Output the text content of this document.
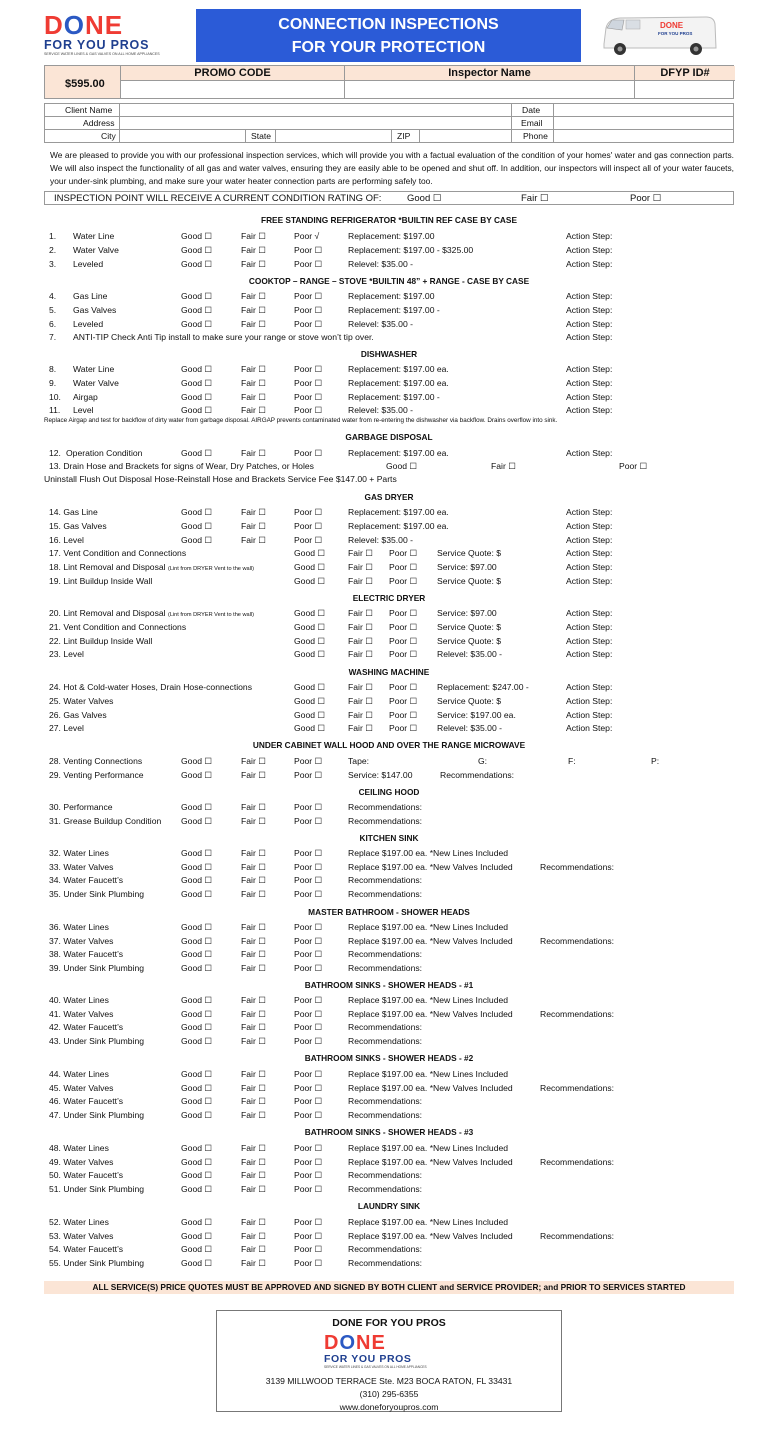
DONE
FOR YOU PROS
SERVICE WATER LINES & GAS VALVES ON ALL HOME APPLIANCES
CONNECTION INSPECTIONS
FOR YOUR PROTECTION
DONE
FOR YOU PROS
$595.00
PROMO CODE	Inspector Name	DFYP ID#
Client Name	Date
Address	Email
City	State	ZIP	Phone
We are pleased to provide you with our professional inspection services, which will provide you with a factual evaluation of the condition of your homes' water and gas connection parts. We will also inspect the functionality of all gas and water valves, ensuring they are easily able to be opened and shut off. In addition, our inspectors will inspect all of your water faucets, your under-sink plumbing, and make sure your water heater connection parts are performing safely too.
INSPECTION POINT WILL RECEIVE A CURRENT CONDITION RATING OF:	Good ☐	Fair ☐	Poor ☐
FREE STANDING REFRIGERATOR *BUILTIN REF CASE BY CASE
1. Water Line	Good ☐	Fair ☐	Poor √	Replacement: $197.00	Action Step:
2. Water Valve	Good ☐	Fair ☐	Poor ☐	Replacement: $197.00 - $325.00	Action Step:
3. Leveled	Good ☐	Fair ☐	Poor ☐	Relevel: $35.00 -	Action Step:
COOKTOP – RANGE – STOVE *BUILTIN 48” + RANGE - CASE BY CASE
4. Gas Line	Good ☐	Fair ☐	Poor ☐	Replacement: $197.00	Action Step:
5. Gas Valves	Good ☐	Fair ☐	Poor ☐	Replacement: $197.00 -	Action Step:
6. Leveled	Good ☐	Fair ☐	Poor ☐	Relevel: $35.00 -	Action Step:
7. ANTI-TIP Check Anti Tip install to make sure your range or stove won’t tip over.	Action Step:
DISHWASHER
8. Water Line	Good ☐	Fair ☐	Poor ☐	Replacement: $197.00 ea.	Action Step:
9. Water Valve	Good ☐	Fair ☐	Poor ☐	Replacement: $197.00 ea.	Action Step:
10. Airgap	Good ☐	Fair ☐	Poor ☐	Replacement: $197.00 -	Action Step:
11. Level	Good ☐	Fair ☐	Poor ☐	Relevel: $35.00 -	Action Step:
Replace Airgap and test for backflow of dirty water from garbage disposal. AIRGAP prevents contaminated water from re-entering the dishwasher via backflow. Drains overflow into sink.
GARBAGE DISPOSAL
12. Operation Condition	Good ☐	Fair ☐	Poor ☐	Replacement: $197.00 ea.	Action Step:
13. Drain Hose and Brackets for signs of Wear, Dry Patches, or Holes	Good ☐	Fair ☐	Poor ☐
Uninstall Flush Out Disposal Hose-Reinstall Hose and Brackets Service Fee $147.00 + Parts
GAS DRYER
14. Gas Line	Good ☐	Fair ☐	Poor ☐	Replacement: $197.00 ea.	Action Step:
15. Gas Valves	Good ☐	Fair ☐	Poor ☐	Replacement: $197.00 ea.	Action Step:
16. Level	Good ☐	Fair ☐	Poor ☐	Relevel: $35.00 -	Action Step:
17. Vent Condition and Connections	Good ☐	Fair ☐ Poor ☐ Service Quote: $	Action Step:
18. Lint Removal and Disposal (Lint from DRYER Vent to the wall)	Good ☐	Fair ☐ Poor ☐ Service: $97.00	Action Step:
19. Lint Buildup Inside Wall	Good ☐	Fair ☐ Poor ☐ Service Quote: $	Action Step:
ELECTRIC DRYER
20. Lint Removal and Disposal (Lint from DRYER Vent to the wall)	Good ☐	Fair ☐ Poor ☐ Service: $97.00	Action Step:
21. Vent Condition and Connections	Good ☐	Fair ☐ Poor ☐ Service Quote: $	Action Step:
22. Lint Buildup Inside Wall	Good ☐	Fair ☐ Poor ☐ Service Quote: $	Action Step:
23. Level	Good ☐	Fair ☐ Poor ☐ Relevel: $35.00 -	Action Step:
WASHING MACHINE
24. Hot & Cold-water Hoses, Drain Hose-connections	Good ☐	Fair ☐ Poor ☐ Replacement: $247.00 -	Action Step:
25. Water Valves	Good ☐	Fair ☐ Poor ☐ Service Quote: $	Action Step:
26. Gas Valves	Good ☐	Fair ☐ Poor ☐ Service: $197.00 ea.	Action Step:
27. Level	Good ☐	Fair ☐ Poor ☐ Relevel: $35.00 -	Action Step:
UNDER CABINET WALL HOOD AND OVER THE RANGE MICROWAVE
28. Venting Connections	Good ☐	Fair ☐	Poor ☐	Tape:	G:	F:	P:
29. Venting Performance	Good ☐	Fair ☐	Poor ☐	Service: $147.00	Recommendations:
CEILING HOOD
30. Performance	Good ☐	Fair ☐	Poor ☐	Recommendations:
31. Grease Buildup Condition Good ☐	Fair ☐	Poor ☐	Recommendations:
KITCHEN SINK
32. Water Lines	Good ☐	Fair ☐	Poor ☐	Replace $197.00 ea. *New Lines Included
33. Water Valves	Good ☐	Fair ☐	Poor ☐	Replace $197.00 ea. *New Valves Included	Recommendations:
34. Water Faucett’s	Good ☐	Fair ☐	Poor ☐	Recommendations:
35. Under Sink Plumbing	Good ☐	Fair ☐	Poor ☐	Recommendations:
MASTER BATHROOM - SHOWER HEADS
36. Water Lines	Good ☐	Fair ☐	Poor ☐	Replace $197.00 ea. *New Lines Included
37. Water Valves	Good ☐	Fair ☐	Poor ☐	Replace $197.00 ea. *New Valves Included	Recommendations:
38. Water Faucett’s	Good ☐	Fair ☐	Poor ☐	Recommendations:
39. Under Sink Plumbing	Good ☐	Fair ☐	Poor ☐	Recommendations:
BATHROOM SINKS - SHOWER HEADS - #1
40. Water Lines	Good ☐	Fair ☐	Poor ☐	Replace $197.00 ea. *New Lines Included
41. Water Valves	Good ☐	Fair ☐	Poor ☐	Replace $197.00 ea. *New Valves Included	Recommendations:
42. Water Faucett’s	Good ☐	Fair ☐	Poor ☐	Recommendations:
43. Under Sink Plumbing	Good ☐	Fair ☐	Poor ☐	Recommendations:
BATHROOM SINKS - SHOWER HEADS - #2
44. Water Lines	Good ☐	Fair ☐	Poor ☐	Replace $197.00 ea. *New Lines Included
45. Water Valves	Good ☐	Fair ☐	Poor ☐	Replace $197.00 ea. *New Valves Included	Recommendations:
46. Water Faucett’s	Good ☐	Fair ☐	Poor ☐	Recommendations:
47. Under Sink Plumbing	Good ☐	Fair ☐	Poor ☐	Recommendations:
BATHROOM SINKS - SHOWER HEADS - #3
48. Water Lines	Good ☐	Fair ☐	Poor ☐	Replace $197.00 ea. *New Lines Included
49. Water Valves	Good ☐	Fair ☐	Poor ☐	Replace $197.00 ea. *New Valves Included	Recommendations:
50. Water Faucett’s	Good ☐	Fair ☐	Poor ☐	Recommendations:
51. Under Sink Plumbing	Good ☐	Fair ☐	Poor ☐	Recommendations:
LAUNDRY SINK
52. Water Lines	Good ☐	Fair ☐	Poor ☐	Replace $197.00 ea. *New Lines Included
53. Water Valves	Good ☐	Fair ☐	Poor ☐	Replace $197.00 ea. *New Valves Included	Recommendations:
54. Water Faucett’s	Good ☐	Fair ☐	Poor ☐	Recommendations:
55. Under Sink Plumbing	Good ☐	Fair ☐	Poor ☐	Recommendations:
ALL SERVICE(S) PRICE QUOTES MUST BE APPROVED AND SIGNED BY BOTH CLIENT and SERVICE PROVIDER; and PRIOR TO SERVICES STARTED
DONE FOR YOU PROS
DONE
FOR YOU PROS
SERVICE WATER LINES & GAS VALVES ON ALL HOME APPLIANCES
3139 MILLWOOD TERRACE Ste. M23 BOCA RATON, FL 33431
(310) 295-6355
www.doneforyoupros.com
